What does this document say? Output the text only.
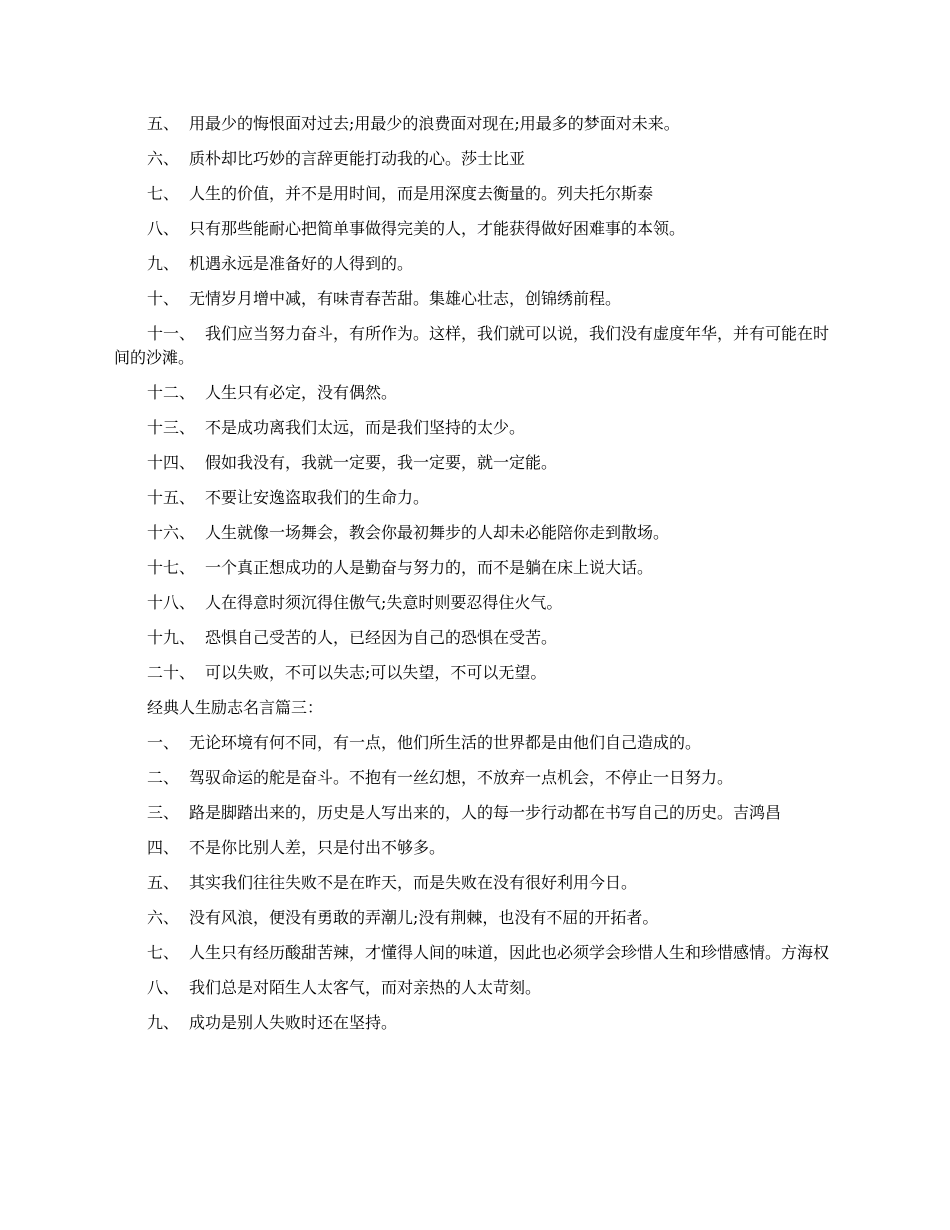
五、 用最少的悔恨面对过去;用最少的浪费面对现在;用最多的梦面对未来。

六、 质朴却比巧妙的言辞更能打动我的心。莎士比亚

七、 人生的价值，并不是用时间，而是用深度去衡量的。列夫托尔斯泰

八、 只有那些能耐心把简单事做得完美的人，才能获得做好困难事的本领。

九、 机遇永远是准备好的人得到的。

十、 无情岁月增中减，有味青春苦甜。集雄心壮志，创锦绣前程。

十一、 我们应当努力奋斗，有所作为。这样，我们就可以说，我们没有虚度年华，并有可能在时间的沙滩。

十二、 人生只有必定，没有偶然。

十三、 不是成功离我们太远，而是我们坚持的太少。

十四、 假如我没有，我就一定要，我一定要，就一定能。

十五、 不要让安逸盗取我们的生命力。

十六、 人生就像一场舞会，教会你最初舞步的人却未必能陪你走到散场。

十七、 一个真正想成功的人是勤奋与努力的，而不是躺在床上说大话。

十八、 人在得意时须沉得住傲气;失意时则要忍得住火气。

十九、 恐惧自己受苦的人，已经因为自己的恐惧在受苦。

二十、 可以失败，不可以失志;可以失望，不可以无望。

经典人生励志名言篇三：

一、 无论环境有何不同，有一点，他们所生活的世界都是由他们自己造成的。

二、 驾驭命运的舵是奋斗。不抱有一丝幻想，不放弃一点机会，不停止一日努力。

三、 路是脚踏出来的，历史是人写出来的，人的每一步行动都在书写自己的历史。吉鸿昌

四、 不是你比别人差，只是付出不够多。

五、 其实我们往往失败不是在昨天，而是失败在没有很好利用今日。

六、 没有风浪，便没有勇敢的弄潮儿;没有荆棘，也没有不屈的开拓者。

七、 人生只有经历酸甜苦辣，才懂得人间的味道，因此也必须学会珍惜人生和珍惜感情。方海权

八、 我们总是对陌生人太客气，而对亲热的人太苛刻。

九、 成功是别人失败时还在坚持。
